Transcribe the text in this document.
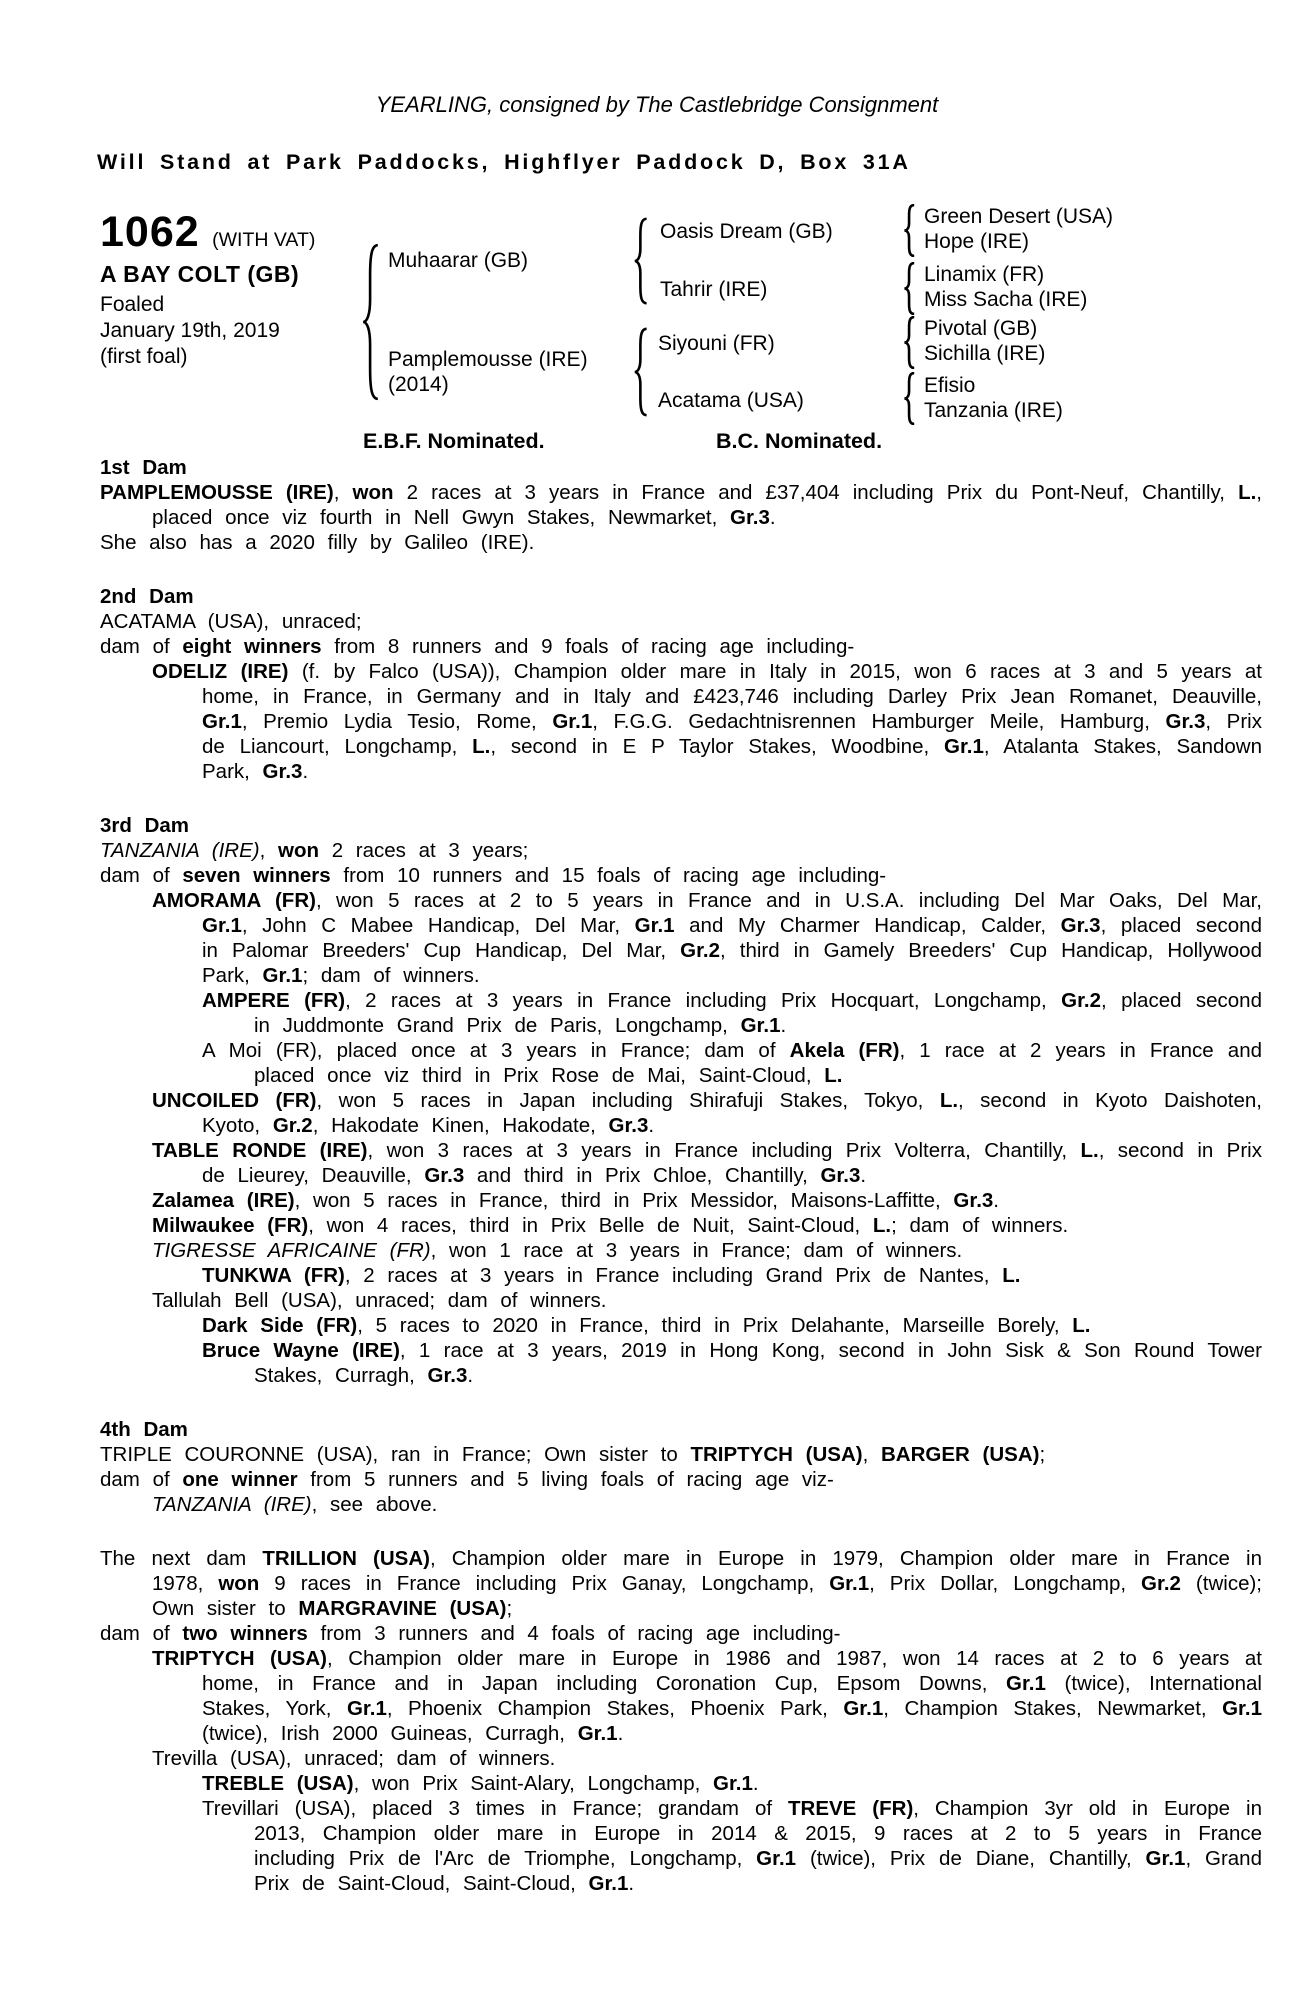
YEARLING, consigned by The Castlebridge Consignment
Will Stand at Park Paddocks, Highflyer Paddock D, Box 31A
1062 (WITH VAT)
A BAY COLT (GB)
Foaled
January 19th, 2019
(first foal)
Muhaarar (GB)
Pamplemousse (IRE)
(2014)
Oasis Dream (GB)
Tahrir (IRE)
Siyouni (FR)
Acatama (USA)
Green Desert (USA)
Hope (IRE)
Linamix (FR)
Miss Sacha (IRE)
Pivotal (GB)
Sichilla (IRE)
Efisio
Tanzania (IRE)
E.B.F. Nominated.	B.C. Nominated.
1st Dam
PAMPLEMOUSSE (IRE), won 2 races at 3 years in France and £37,404 including Prix du Pont-Neuf, Chantilly, L., placed once viz fourth in Nell Gwyn Stakes, Newmarket, Gr.3.
She also has a 2020 filly by Galileo (IRE).
2nd Dam
ACATAMA (USA), unraced;
dam of eight winners from 8 runners and 9 foals of racing age including-
ODELIZ (IRE) (f. by Falco (USA)), Champion older mare in Italy in 2015, won 6 races at 3 and 5 years at home, in France, in Germany and in Italy and £423,746 including Darley Prix Jean Romanet, Deauville, Gr.1, Premio Lydia Tesio, Rome, Gr.1, F.G.G. Gedachtnisrennen Hamburger Meile, Hamburg, Gr.3, Prix de Liancourt, Longchamp, L., second in E P Taylor Stakes, Woodbine, Gr.1, Atalanta Stakes, Sandown Park, Gr.3.
3rd Dam
TANZANIA (IRE), won 2 races at 3 years;
dam of seven winners from 10 runners and 15 foals of racing age including-
AMORAMA (FR), won 5 races at 2 to 5 years in France and in U.S.A. including Del Mar Oaks, Del Mar, Gr.1, John C Mabee Handicap, Del Mar, Gr.1 and My Charmer Handicap, Calder, Gr.3, placed second in Palomar Breeders' Cup Handicap, Del Mar, Gr.2, third in Gamely Breeders' Cup Handicap, Hollywood Park, Gr.1; dam of winners.
AMPERE (FR), 2 races at 3 years in France including Prix Hocquart, Longchamp, Gr.2, placed second in Juddmonte Grand Prix de Paris, Longchamp, Gr.1.
A Moi (FR), placed once at 3 years in France; dam of Akela (FR), 1 race at 2 years in France and placed once viz third in Prix Rose de Mai, Saint-Cloud, L.
UNCOILED (FR), won 5 races in Japan including Shirafuji Stakes, Tokyo, L., second in Kyoto Daishoten, Kyoto, Gr.2, Hakodate Kinen, Hakodate, Gr.3.
TABLE RONDE (IRE), won 3 races at 3 years in France including Prix Volterra, Chantilly, L., second in Prix de Lieurey, Deauville, Gr.3 and third in Prix Chloe, Chantilly, Gr.3.
Zalamea (IRE), won 5 races in France, third in Prix Messidor, Maisons-Laffitte, Gr.3.
Milwaukee (FR), won 4 races, third in Prix Belle de Nuit, Saint-Cloud, L.; dam of winners.
TIGRESSE AFRICAINE (FR), won 1 race at 3 years in France; dam of winners.
TUNKWA (FR), 2 races at 3 years in France including Grand Prix de Nantes, L.
Tallulah Bell (USA), unraced; dam of winners.
Dark Side (FR), 5 races to 2020 in France, third in Prix Delahante, Marseille Borely, L.
Bruce Wayne (IRE), 1 race at 3 years, 2019 in Hong Kong, second in John Sisk & Son Round Tower Stakes, Curragh, Gr.3.
4th Dam
TRIPLE COURONNE (USA), ran in France; Own sister to TRIPTYCH (USA), BARGER (USA);
dam of one winner from 5 runners and 5 living foals of racing age viz-
TANZANIA (IRE), see above.
The next dam TRILLION (USA), Champion older mare in Europe in 1979, Champion older mare in France in 1978, won 9 races in France including Prix Ganay, Longchamp, Gr.1, Prix Dollar, Longchamp, Gr.2 (twice); Own sister to MARGRAVINE (USA);
dam of two winners from 3 runners and 4 foals of racing age including-
TRIPTYCH (USA), Champion older mare in Europe in 1986 and 1987, won 14 races at 2 to 6 years at home, in France and in Japan including Coronation Cup, Epsom Downs, Gr.1 (twice), International Stakes, York, Gr.1, Phoenix Champion Stakes, Phoenix Park, Gr.1, Champion Stakes, Newmarket, Gr.1 (twice), Irish 2000 Guineas, Curragh, Gr.1.
Trevilla (USA), unraced; dam of winners.
TREBLE (USA), won Prix Saint-Alary, Longchamp, Gr.1.
Trevillari (USA), placed 3 times in France; grandam of TREVE (FR), Champion 3yr old in Europe in 2013, Champion older mare in Europe in 2014 & 2015, 9 races at 2 to 5 years in France including Prix de l'Arc de Triomphe, Longchamp, Gr.1 (twice), Prix de Diane, Chantilly, Gr.1, Grand Prix de Saint-Cloud, Saint-Cloud, Gr.1.
